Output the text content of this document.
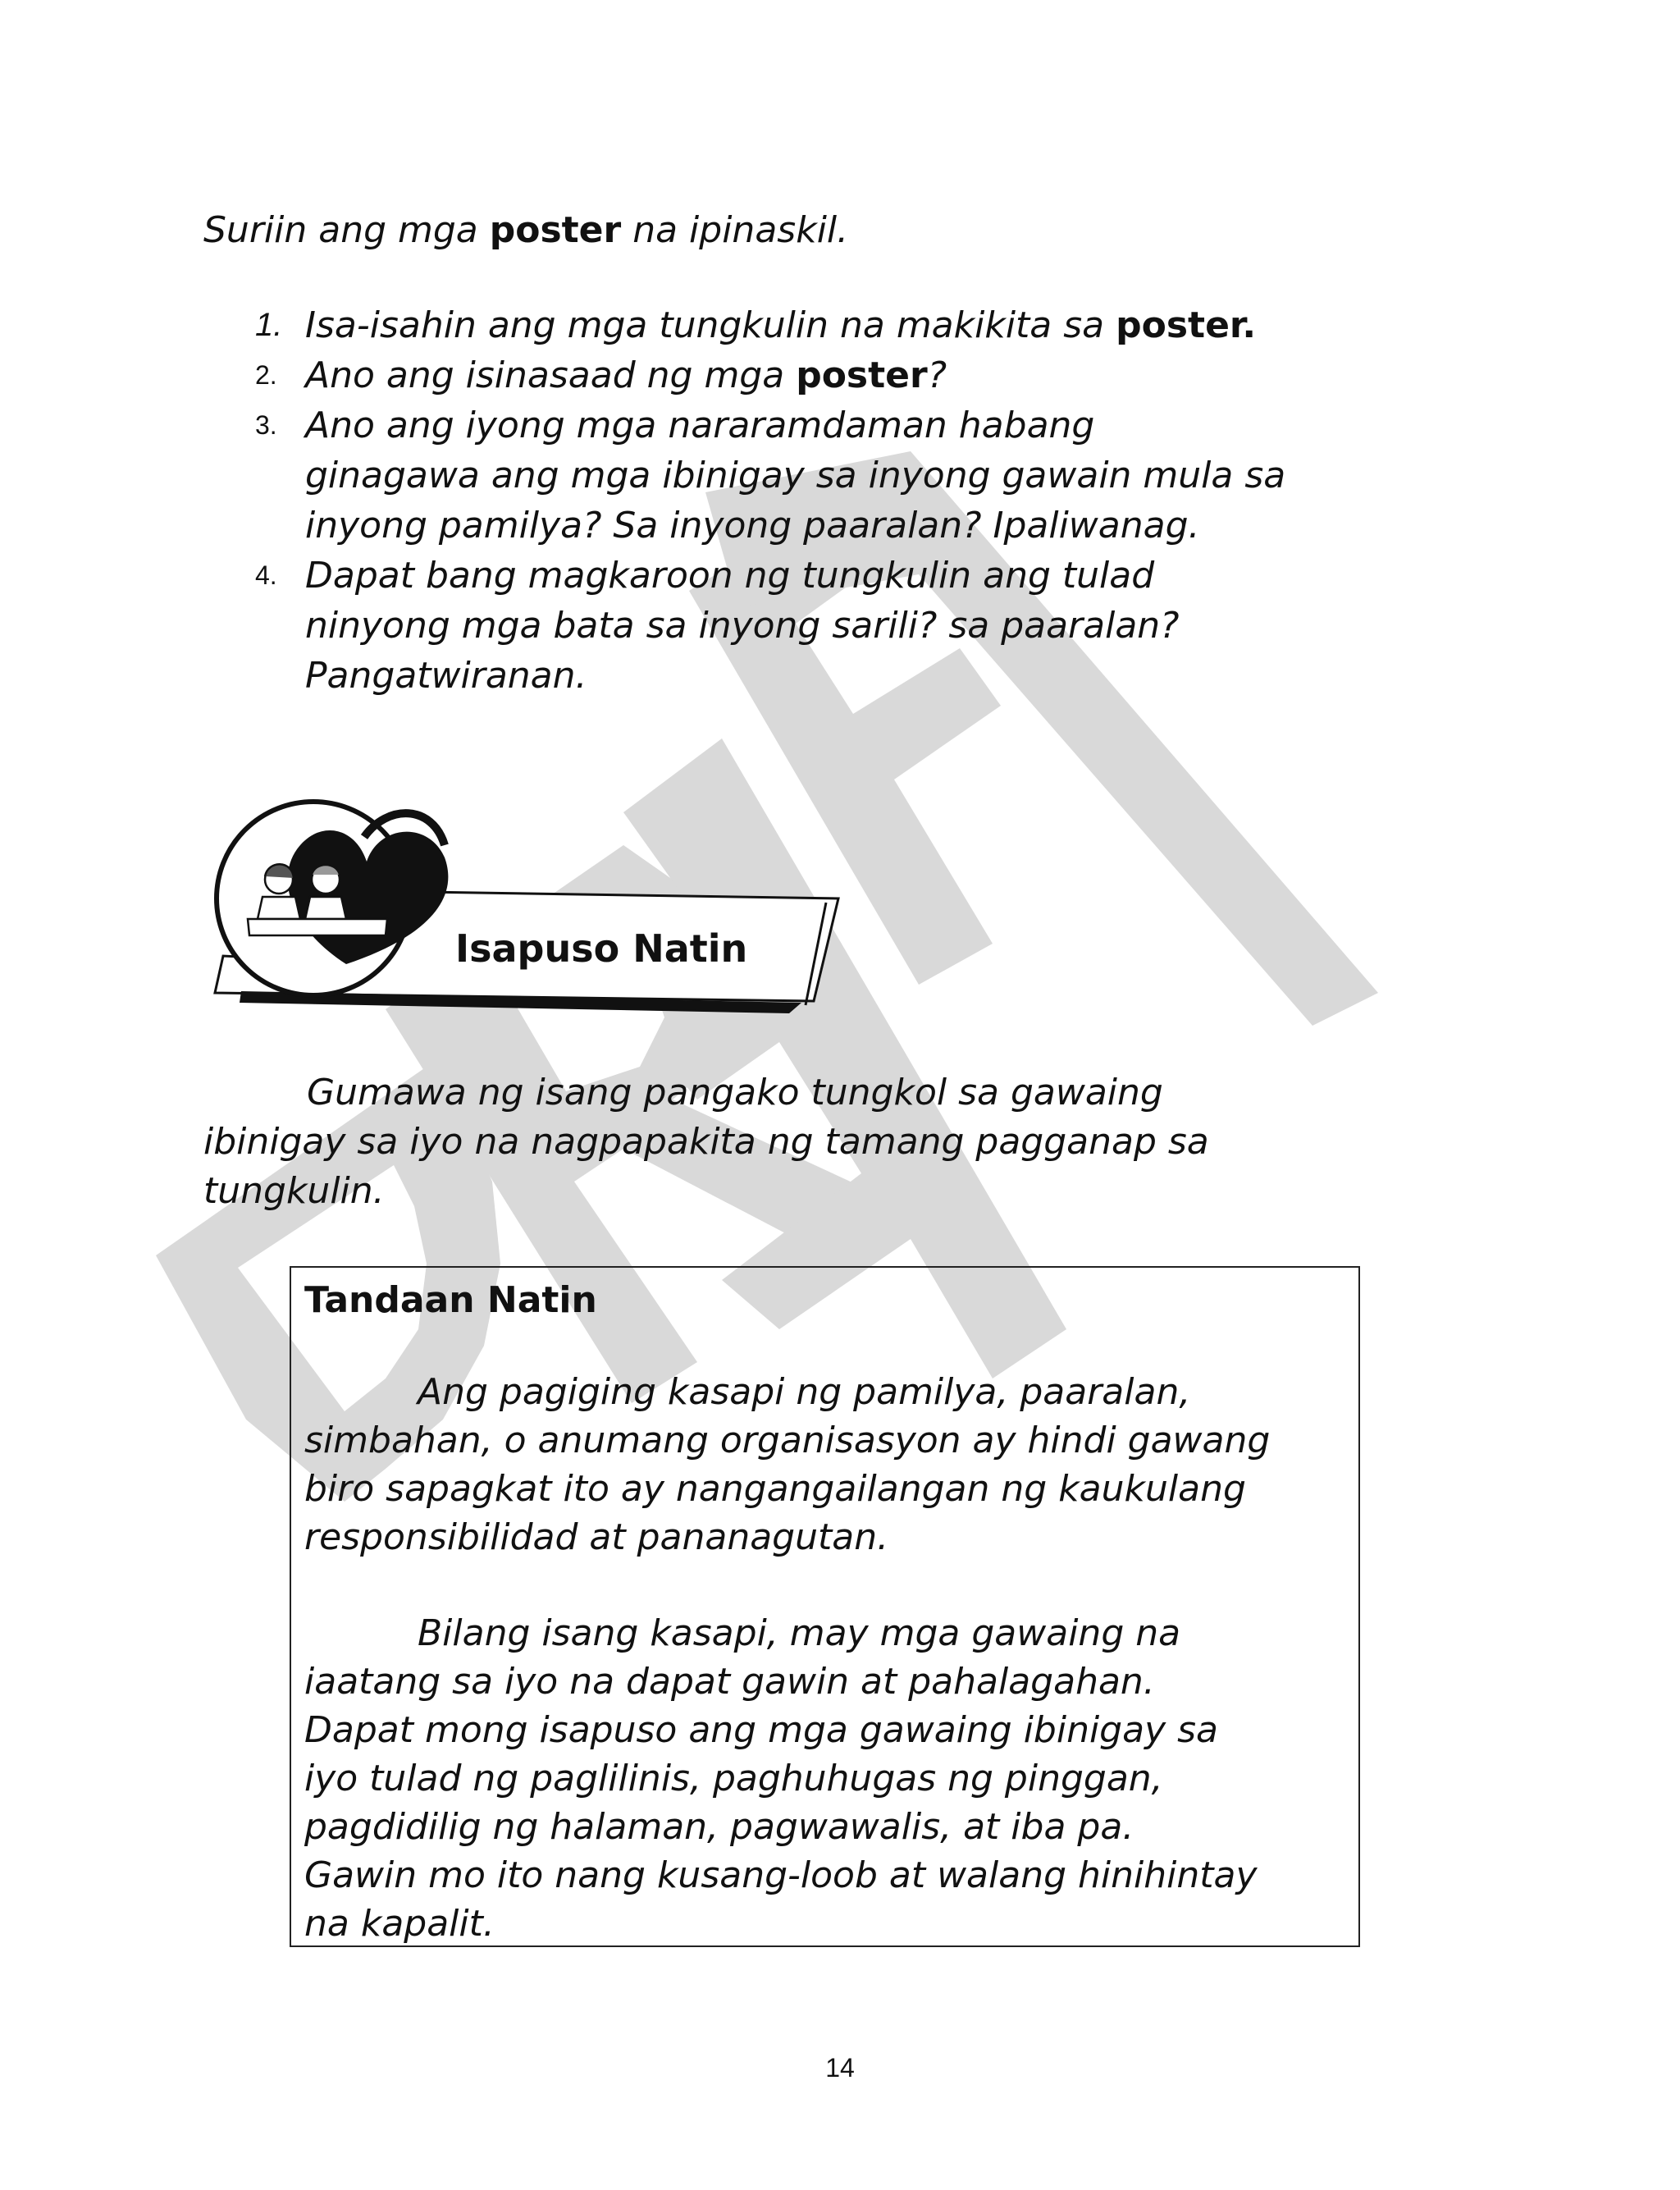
Suriin ang mga poster na ipinaskil.

1. Isa-isahin ang mga tungkulin na makikita sa poster.
2. Ano ang isinasaad ng mga poster?
3. Ano ang iyong mga nararamdaman habang
ginagawa ang mga ibinigay sa inyong gawain mula sa
inyong pamilya? Sa inyong paaralan? Ipaliwanag.
4. Dapat bang magkaroon ng tungkulin ang tulad
ninyong mga bata sa inyong sarili? sa paaralan?
Pangatwiranan.
Isapuso Natin

Gumawa ng isang pangako tungkol sa gawaing
ibinigay sa iyo na nagpapakita ng tamang pagganap sa
tungkulin.

Tandaan Natin

Ang pagiging kasapi ng pamilya, paaralan,
simbahan, o anumang organisasyon ay hindi gawang
biro sapagkat ito ay nangangailangan ng kaukulang
responsibilidad at pananagutan.

Bilang isang kasapi, may mga gawaing na
iaatang sa iyo na dapat gawin at pahalagahan.
Dapat mong isapuso ang mga gawaing ibinigay sa
iyo tulad ng paglilinis, paghuhugas ng pinggan,
pagdidilig ng halaman, pagwawalis, at iba pa.
Gawin mo ito nang kusang-loob at walang hinihintay
na kapalit.

14
